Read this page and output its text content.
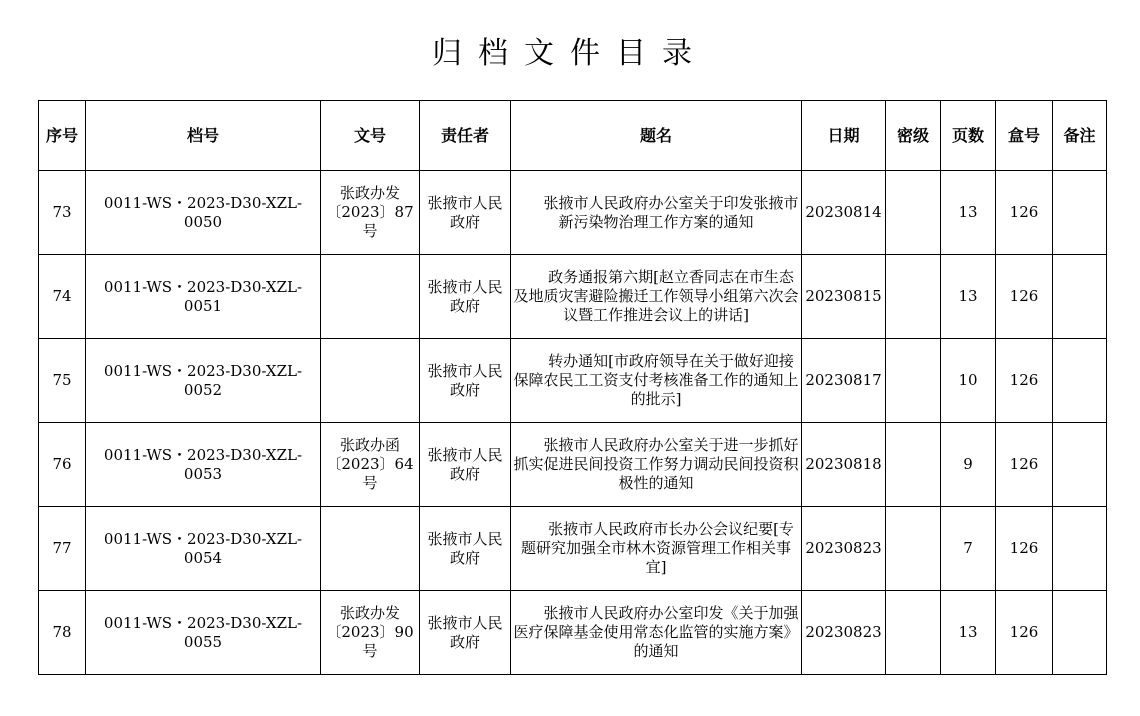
归档文件目录
序号	档号	文号	责任者	题名	日期	密级	页数	盒号	备注
73	0011-WS・2023-D30-XZL-0050	张政办发〔2023〕87号	张掖市人民政府	张掖市人民政府办公室关于印发张掖市新污染物治理工作方案的通知	20230814		13	126	
74	0011-WS・2023-D30-XZL-0051		张掖市人民政府	政务通报第六期[赵立香同志在市生态及地质灾害避险搬迁工作领导小组第六次会议暨工作推进会议上的讲话]	20230815		13	126	
75	0011-WS・2023-D30-XZL-0052		张掖市人民政府	转办通知[市政府领导在关于做好迎接保障农民工工资支付考核准备工作的通知上的批示]	20230817		10	126	
76	0011-WS・2023-D30-XZL-0053	张政办函〔2023〕64号	张掖市人民政府	张掖市人民政府办公室关于进一步抓好抓实促进民间投资工作努力调动民间投资积极性的通知	20230818		9	126	
77	0011-WS・2023-D30-XZL-0054		张掖市人民政府	张掖市人民政府市长办公会议纪要[专题研究加强全市林木资源管理工作相关事宜]	20230823		7	126	
78	0011-WS・2023-D30-XZL-0055	张政办发〔2023〕90号	张掖市人民政府	张掖市人民政府办公室印发《关于加强医疗保障基金使用常态化监管的实施方案》的通知	20230823		13	126	
